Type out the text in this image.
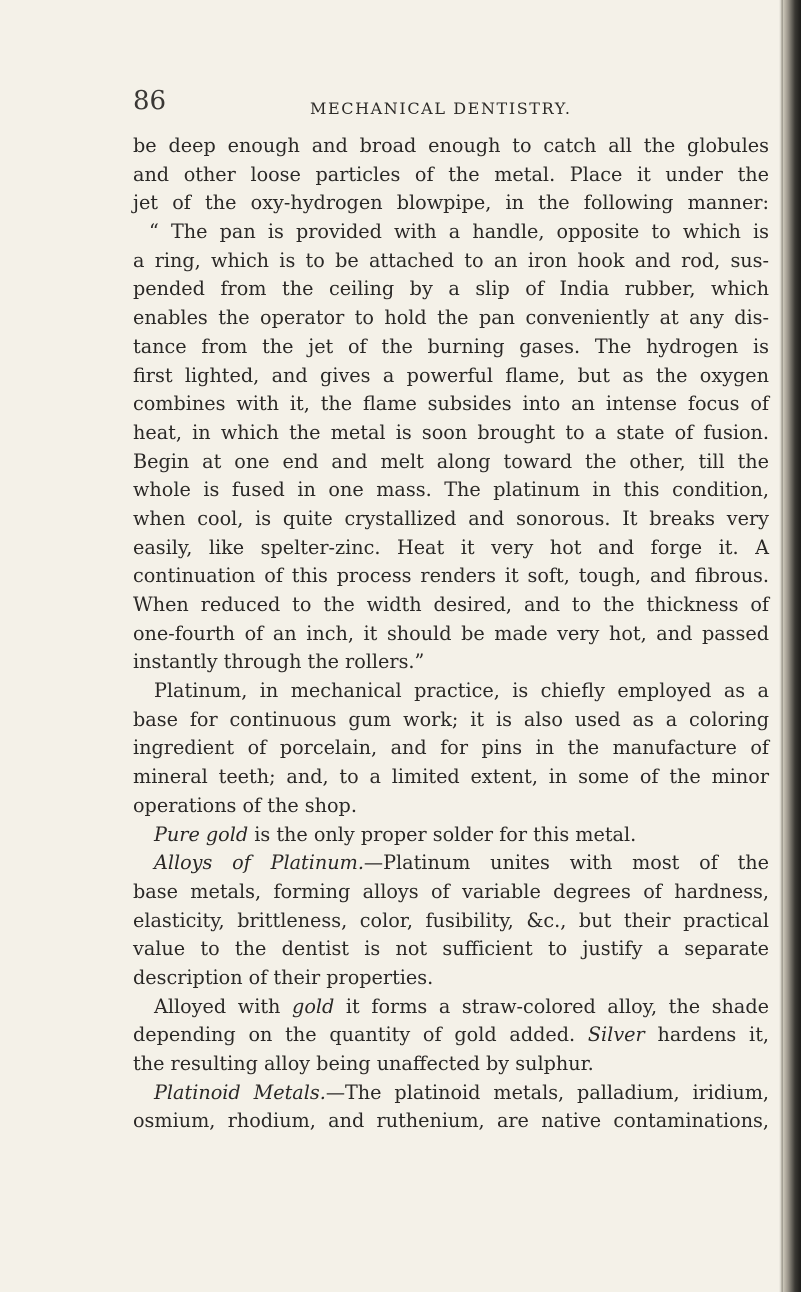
86	MECHANICAL DENTISTRY.
be deep enough and broad enough to catch all the globules
and other loose particles of the metal. Place it under the
jet of the oxy-hydrogen blowpipe, in the following manner:
“ The pan is provided with a handle, opposite to which is
a ring, which is to be attached to an iron hook and rod, sus-
pended from the ceiling by a slip of India rubber, which
enables the operator to hold the pan conveniently at any dis-
tance from the jet of the burning gases. The hydrogen is
first lighted, and gives a powerful flame, but as the oxygen
combines with it, the flame subsides into an intense focus of
heat, in which the metal is soon brought to a state of fusion.
Begin at one end and melt along toward the other, till the
whole is fused in one mass. The platinum in this condition,
when cool, is quite crystallized and sonorous. It breaks very
easily, like spelter-zinc. Heat it very hot and forge it. A
continuation of this process renders it soft, tough, and fibrous.
When reduced to the width desired, and to the thickness of
one-fourth of an inch, it should be made very hot, and passed
instantly through the rollers.”
Platinum, in mechanical practice, is chiefly employed as a
base for continuous gum work; it is also used as a coloring
ingredient of porcelain, and for pins in the manufacture of
mineral teeth; and, to a limited extent, in some of the minor
operations of the shop.
Pure gold is the only proper solder for this metal.
Alloys of Platinum.—Platinum unites with most of the
base metals, forming alloys of variable degrees of hardness,
elasticity, brittleness, color, fusibility, &c., but their practical
value to the dentist is not sufficient to justify a separate
description of their properties.
Alloyed with gold it forms a straw-colored alloy, the shade
depending on the quantity of gold added. Silver hardens it,
the resulting alloy being unaffected by sulphur.
Platinoid Metals.—The platinoid metals, palladium, iridium,
osmium, rhodium, and ruthenium, are native contaminations,
